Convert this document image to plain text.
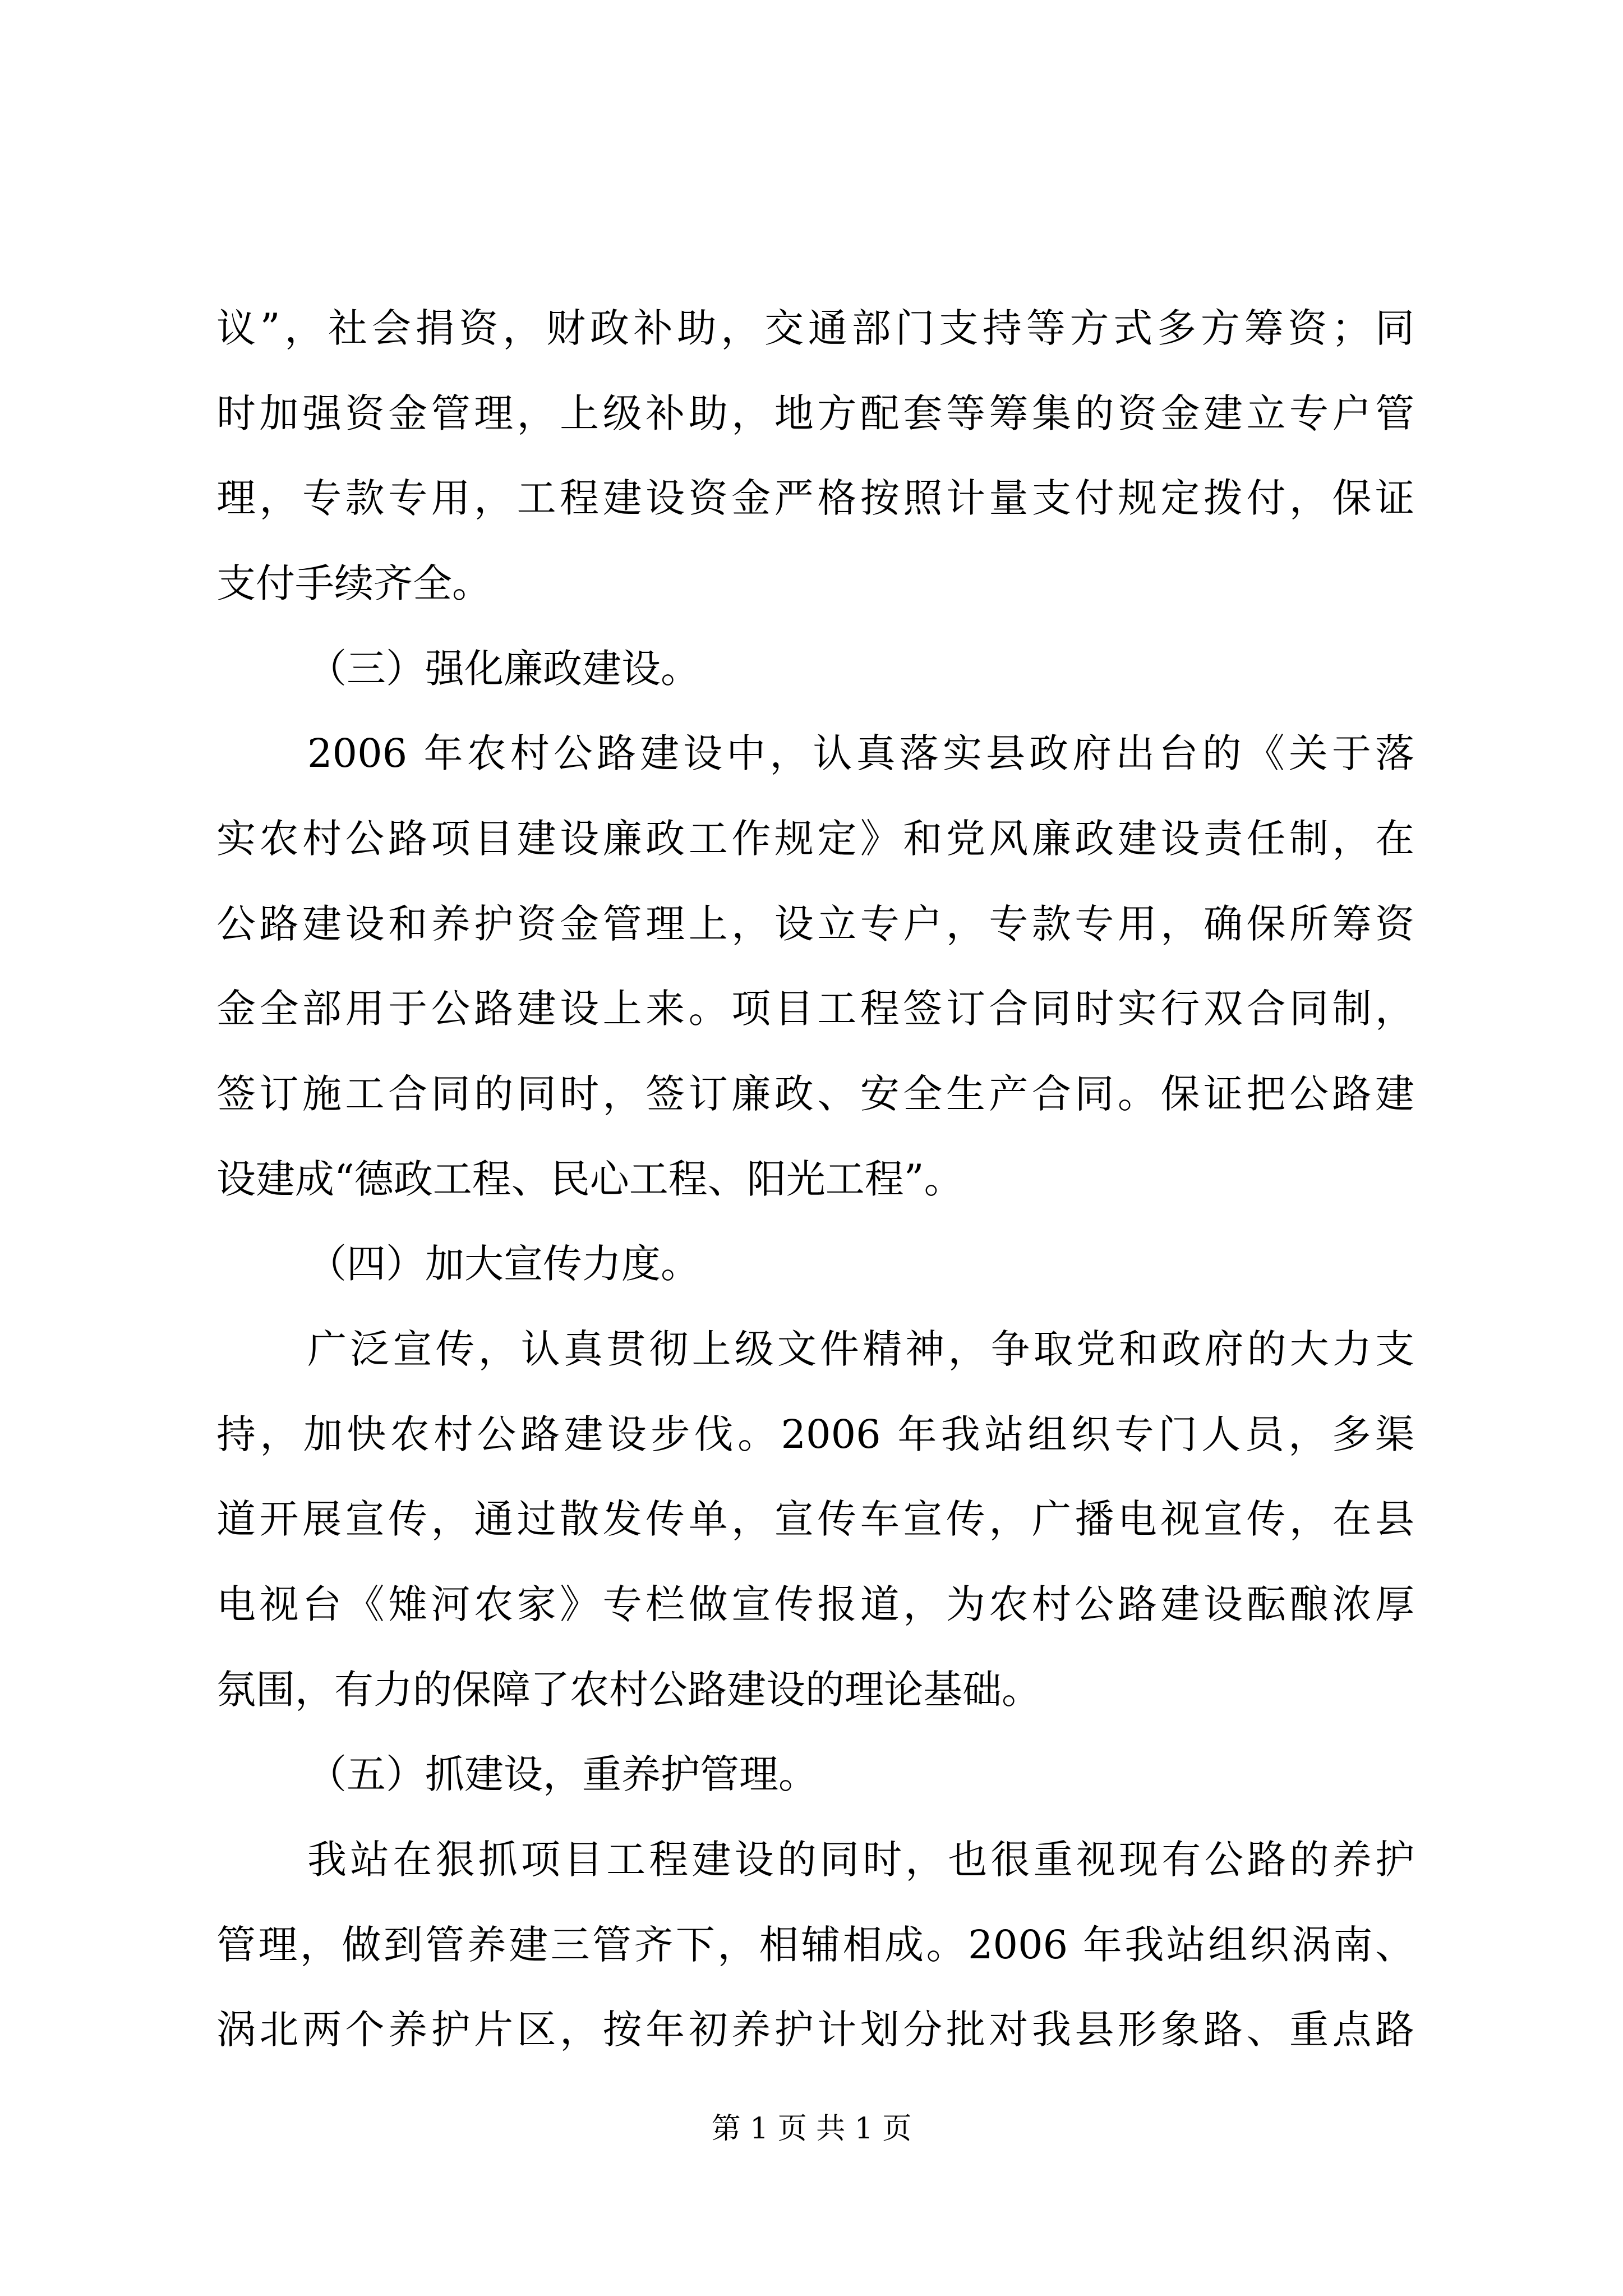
议”，社会捐资，财政补助，交通部门支持等方式多方筹资；同
时加强资金管理，上级补助，地方配套等筹集的资金建立专户管
理，专款专用，工程建设资金严格按照计量支付规定拨付，保证
支付手续齐全。
（三）强化廉政建设。
2006 年农村公路建设中，认真落实县政府出台的《关于落
实农村公路项目建设廉政工作规定》和党风廉政建设责任制，在
公路建设和养护资金管理上，设立专户，专款专用，确保所筹资
金全部用于公路建设上来。项目工程签订合同时实行双合同制，
签订施工合同的同时，签订廉政、安全生产合同。保证把公路建
设建成“德政工程、民心工程、阳光工程”。
（四）加大宣传力度。
广泛宣传，认真贯彻上级文件精神，争取党和政府的大力支
持，加快农村公路建设步伐。2006 年我站组织专门人员，多渠
道开展宣传，通过散发传单，宣传车宣传，广播电视宣传，在县
电视台《雉河农家》专栏做宣传报道，为农村公路建设酝酿浓厚
氛围，有力的保障了农村公路建设的理论基础。
（五）抓建设，重养护管理。
我站在狠抓项目工程建设的同时，也很重视现有公路的养护
管理，做到管养建三管齐下，相辅相成。2006 年我站组织涡南、
涡北两个养护片区，按年初养护计划分批对我县形象路、重点路
第 1 页 共 1 页
